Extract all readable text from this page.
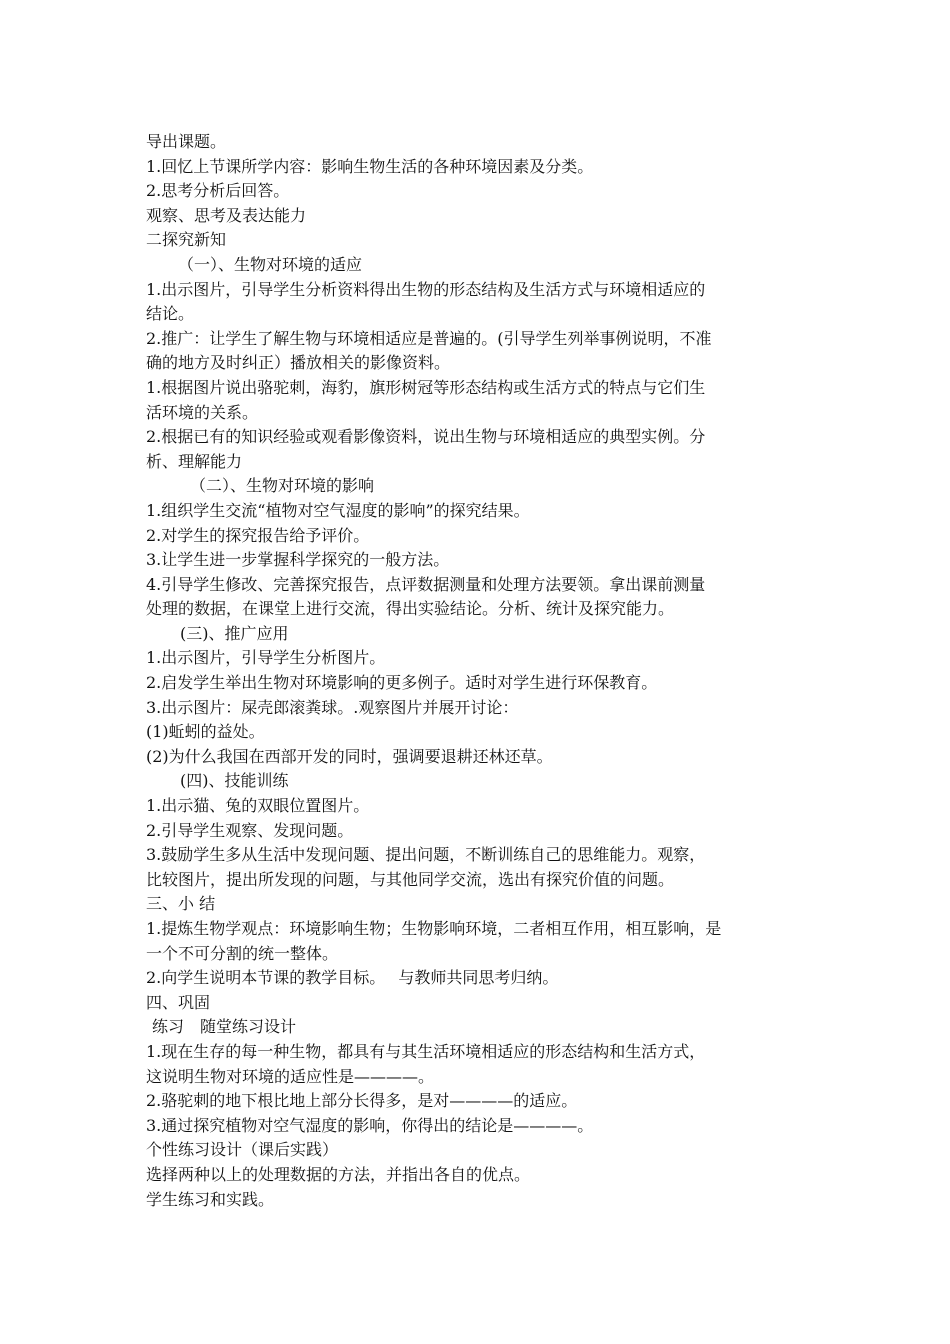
导出课题。
1.回忆上节课所学内容：影响生物生活的各种环境因素及分类。
2.思考分析后回答。
观察、思考及表达能力
二探究新知
（一）、生物对环境的适应
1.出示图片，引导学生分析资料得出生物的形态结构及生活方式与环境相适应的
结论。
2.推广：让学生了解生物与环境相适应是普遍的。(引导学生列举事例说明，不准
确的地方及时纠正）播放相关的影像资料。
1.根据图片说出骆驼刺，海豹，旗形树冠等形态结构或生活方式的特点与它们生
活环境的关系。
2.根据已有的知识经验或观看影像资料，说出生物与环境相适应的典型实例。分
析、理解能力
（二）、生物对环境的影响
1.组织学生交流“植物对空气湿度的影响”的探究结果。
2.对学生的探究报告给予评价。
3.让学生进一步掌握科学探究的一般方法。
4.引导学生修改、完善探究报告，点评数据测量和处理方法要领。拿出课前测量
处理的数据，在课堂上进行交流，得出实验结论。分析、统计及探究能力。
(三)、推广应用
1.出示图片，引导学生分析图片。
2.启发学生举出生物对环境影响的更多例子。适时对学生进行环保教育。
3.出示图片：屎壳郎滚粪球。.观察图片并展开讨论：
(1)蚯蚓的益处。
(2)为什么我国在西部开发的同时，强调要退耕还林还草。
(四)、技能训练
1.出示猫、兔的双眼位置图片。
2.引导学生观察、发现问题。
3.鼓励学生多从生活中发现问题、提出问题，不断训练自己的思维能力。观察，
比较图片，提出所发现的问题，与其他同学交流，选出有探究价值的问题。
三、小 结
1.提炼生物学观点：环境影响生物；生物影响环境，二者相互作用，相互影响，是
一个不可分割的统一整体。
2.向学生说明本节课的教学目标。　 与教师共同思考归纳。
四、巩固
练习　随堂练习设计
1.现在生存的每一种生物，都具有与其生活环境相适应的形态结构和生活方式，
这说明生物对环境的适应性是————。
2.骆驼刺的地下根比地上部分长得多，是对————的适应。
3.通过探究植物对空气湿度的影响，你得出的结论是————。
个性练习设计（课后实践）
选择两种以上的处理数据的方法，并指出各自的优点。
学生练习和实践。
